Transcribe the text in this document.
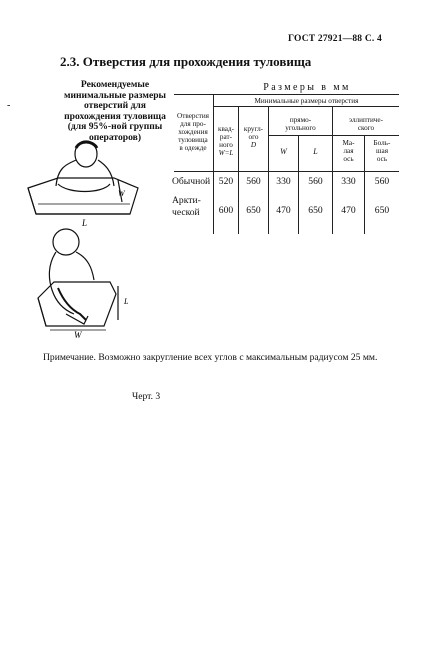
ГОСТ 27921—88 С. 4
2.3. Отверстия для прохождения туловища
‐
Рекомендуемые
минимальные размеры
отверстий для
прохождения туловища
(для 95%-ной группы
операторов)
W
L
L
W
Размеры в мм
Отверстия
для про-
хождения
туловища
в одежде
Минимальные размеры отверстия
квад-
рат-
ного
W=L
кругл-
ого
D
прямо-
угольного
эллиптиче-
ского
W	L
Ма-
лая
ось
Боль-
шая
ось
Обычной 520	560	330	560	330	560
Аркти-
ческой	600	650	470	650	470	650
Примечание. Возможно закругление всех углов с максимальным радиусом 25 мм.
Черт. 3
